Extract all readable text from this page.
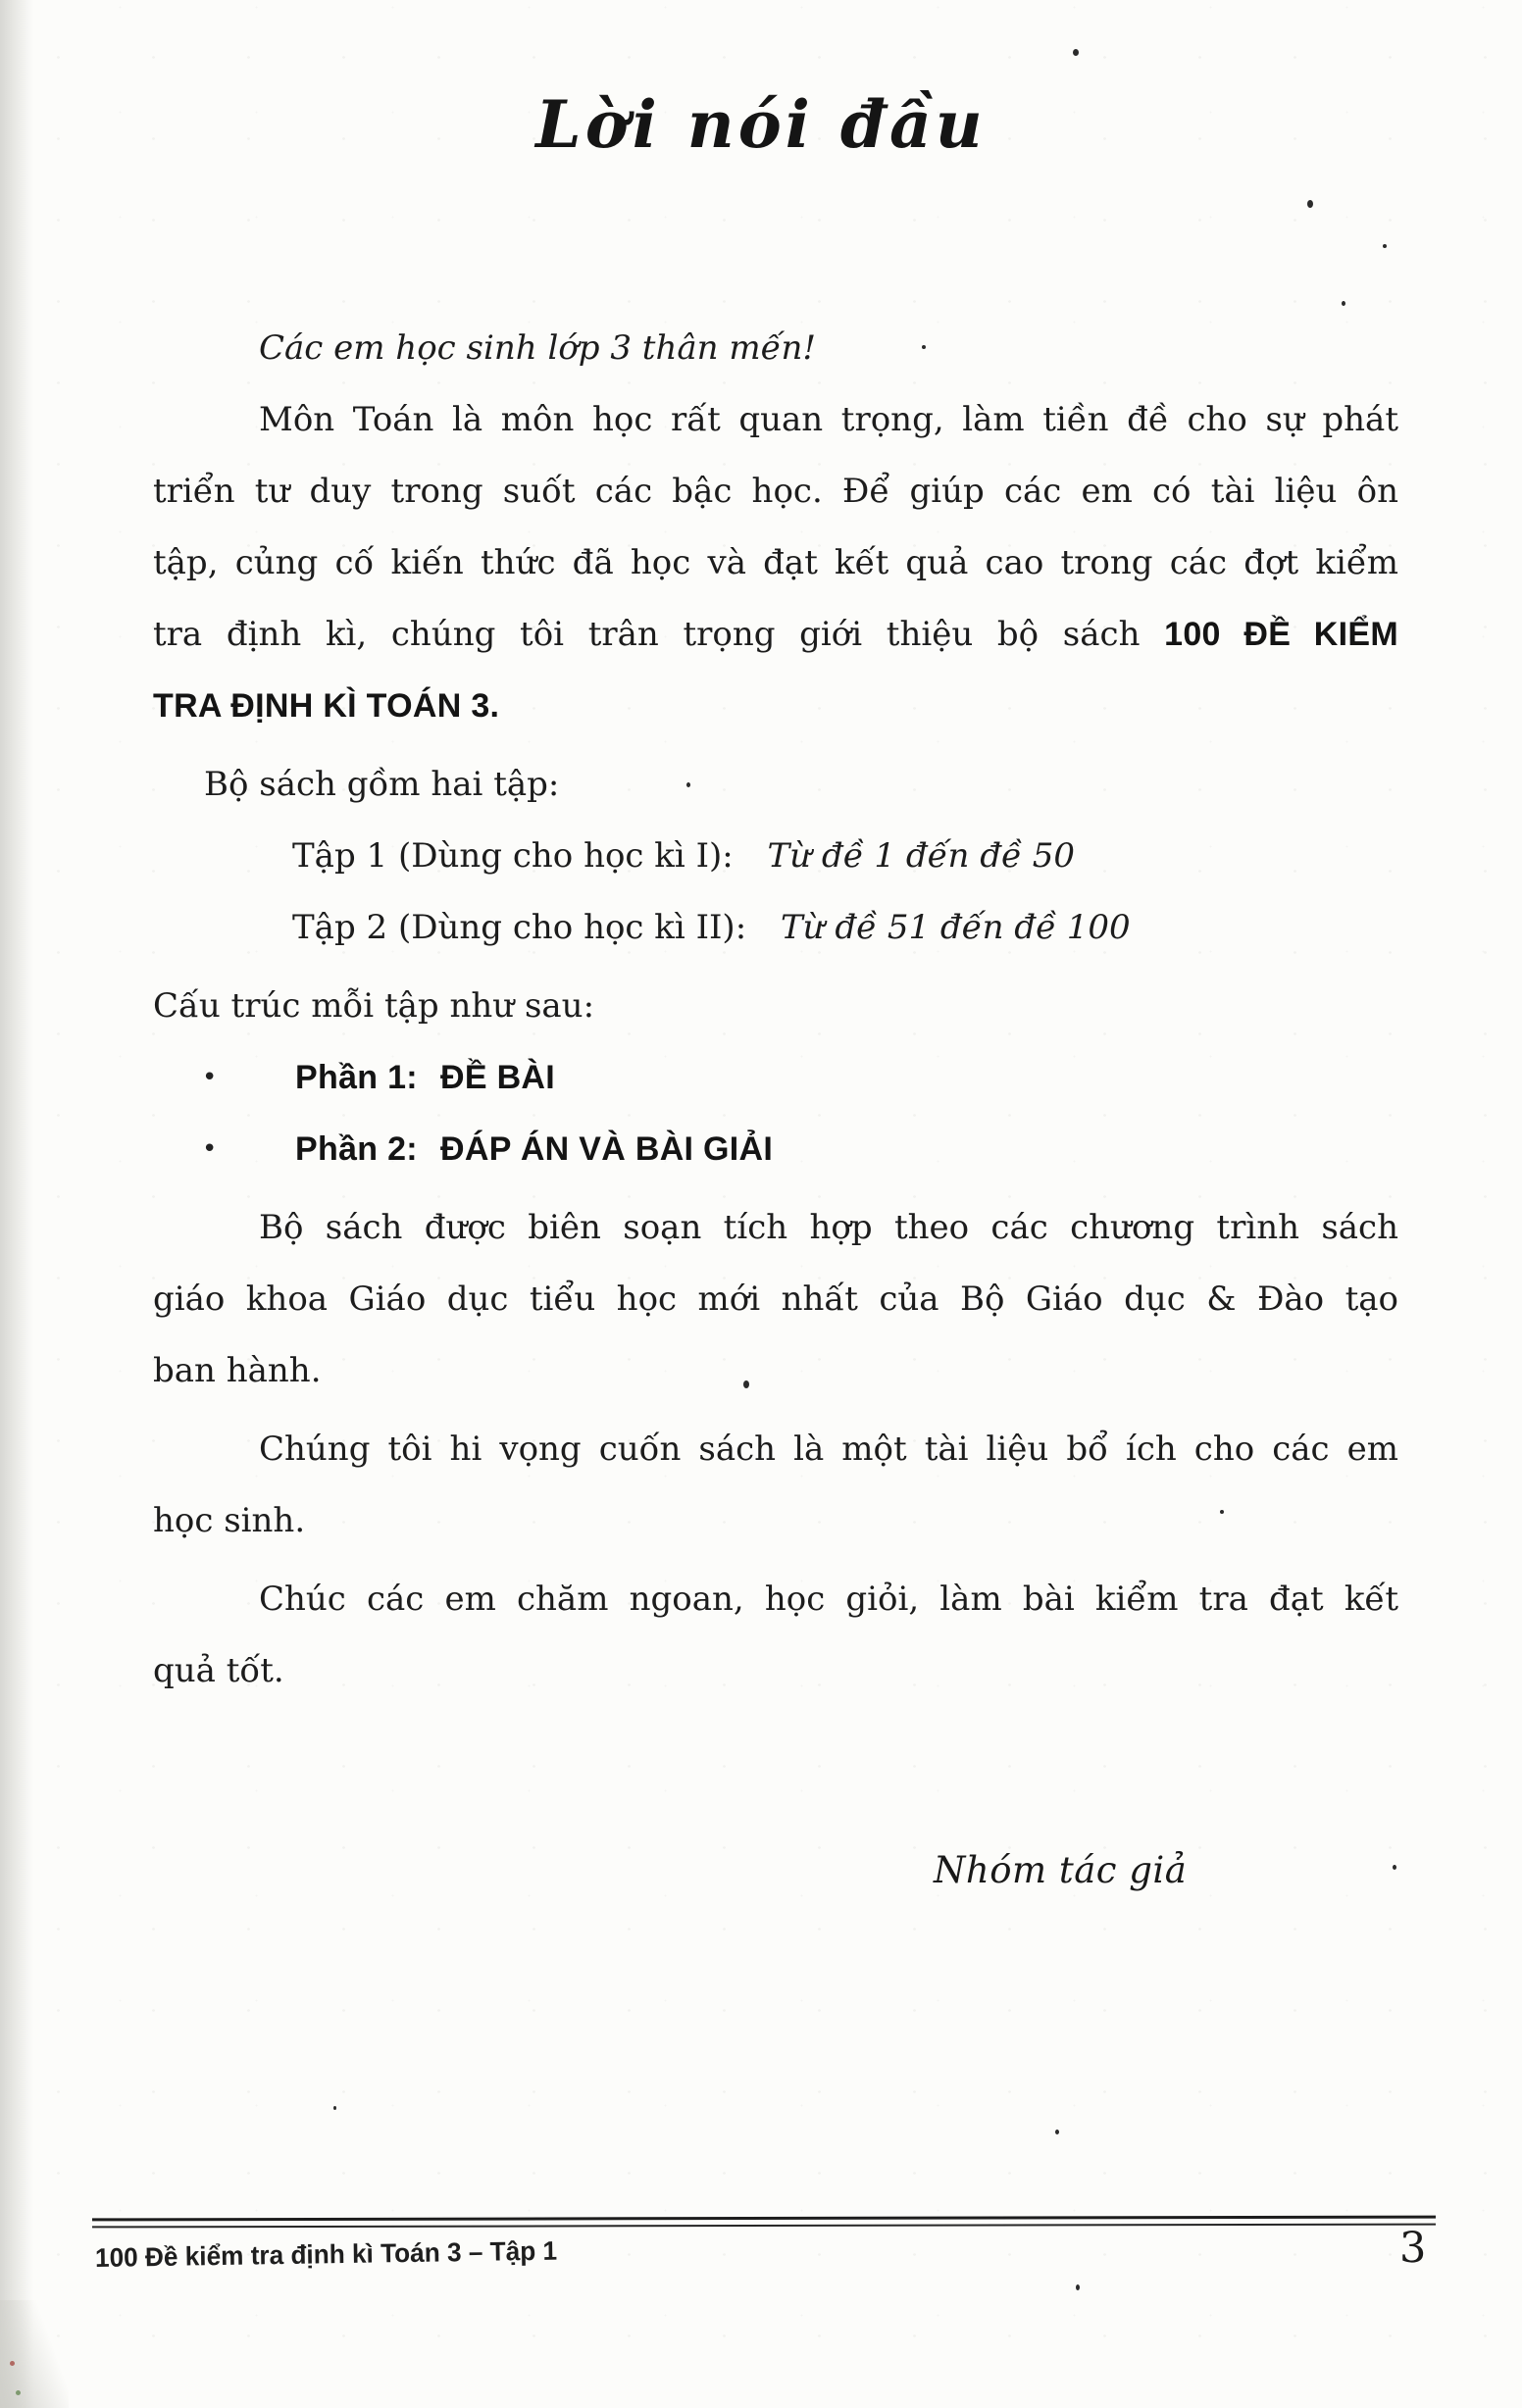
Lời nói đầu

Các em học sinh lớp 3 thân mến!

Môn Toán là môn học rất quan trọng, làm tiền đề cho sự phát

triển tư duy trong suốt các bậc học. Để giúp các em có tài liệu ôn

tập, củng cố kiến thức đã học và đạt kết quả cao trong các đợt kiểm

tra định kì, chúng tôi trân trọng giới thiệu bộ sách 100 ĐỀ KIỂM

TRA ĐỊNH KÌ TOÁN 3.

Bộ sách gồm hai tập:

Tập 1 (Dùng cho học kì I): Từ đề 1 đến đề 50

Tập 2 (Dùng cho học kì II): Từ đề 51 đến đề 100

Cấu trúc mỗi tập như sau:

•	Phần 1: ĐỀ BÀI

•	Phần 2: ĐÁP ÁN VÀ BÀI GIẢI

Bộ sách được biên soạn tích hợp theo các chương trình sách

giáo khoa Giáo dục tiểu học mới nhất của Bộ Giáo dục & Đào tạo

ban hành.

Chúng tôi hi vọng cuốn sách là một tài liệu bổ ích cho các em

học sinh.

Chúc các em chăm ngoan, học giỏi, làm bài kiểm tra đạt kết

quả tốt.

Nhóm tác giả
100 Đề kiểm tra định kì Toán 3 – Tập 1	3
